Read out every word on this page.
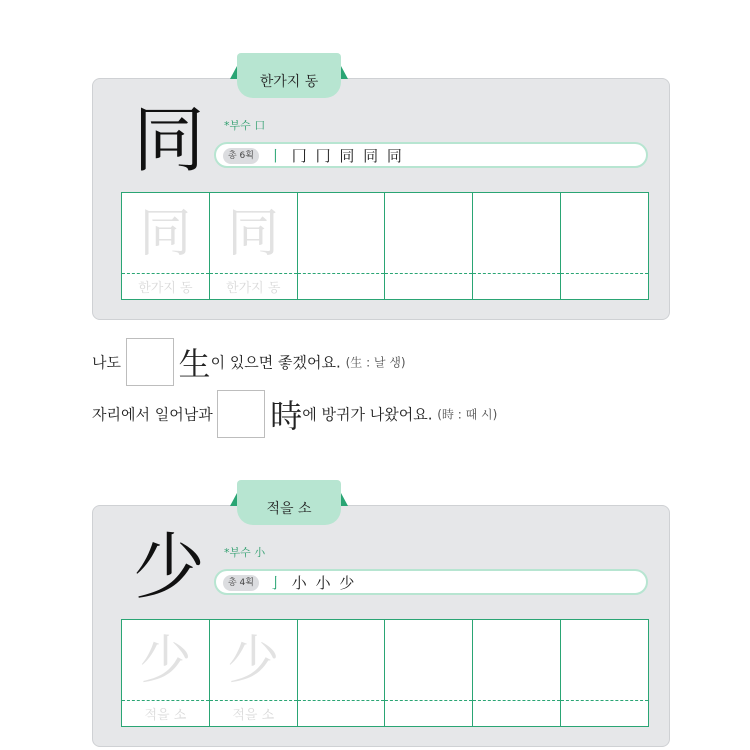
한가지 동
同 *부수 口
총 6획 丨 冂 冂 同 同 同
同
한가지 동
同
한가지 동
나도 生이 있으면 좋겠어요. (生 : 날 생)
자리에서 일어남과 時에 방귀가 나왔어요. (時 : 때 시)
적을 소
少 *부수 小
총 4획 亅 小 小 少
少
적을 소
少
적을 소
